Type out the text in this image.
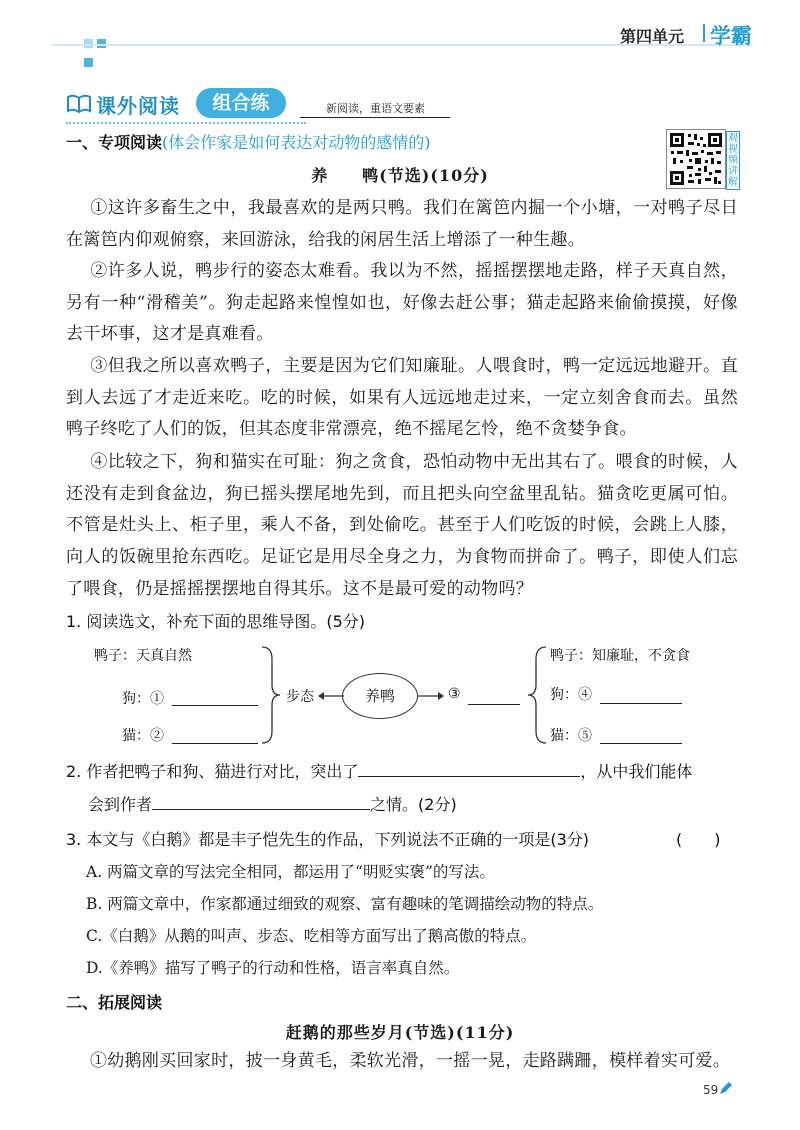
第四单元 学霸
课外阅读	组合练	新阅读，重语文要素
观视频讲解
一、专项阅读(体会作家是如何表达对动物的感情的)
养　　鸭(节选)(10分)
①这许多畜生之中，我最喜欢的是两只鸭。我们在篱笆内掘一个小塘，一对鸭子尽日在篱笆内仰观俯察，来回游泳，给我的闲居生活上增添了一种生趣。
②许多人说，鸭步行的姿态太难看。我以为不然，摇摇摆摆地走路，样子天真自然，另有一种“滑稽美”。狗走起路来惶惶如也，好像去赶公事；猫走起路来偷偷摸摸，好像去干坏事，这才是真难看。
③但我之所以喜欢鸭子，主要是因为它们知廉耻。人喂食时，鸭一定远远地避开。直到人去远了才走近来吃。吃的时候，如果有人远远地走过来，一定立刻舍食而去。虽然鸭子终吃了人们的饭，但其态度非常漂亮，绝不摇尾乞怜，绝不贪婪争食。
④比较之下，狗和猫实在可耻：狗之贪食，恐怕动物中无出其右了。喂食的时候，人还没有走到食盆边，狗已摇头摆尾地先到，而且把头向空盆里乱钻。猫贪吃更属可怕。不管是灶头上、柜子里，乘人不备，到处偷吃。甚至于人们吃饭的时候，会跳上人膝，向人的饭碗里抢东西吃。足证它是用尽全身之力，为食物而拼命了。鸭子，即使人们忘了喂食，仍是摇摇摆摆地自得其乐。这不是最可爱的动物吗？
1. 阅读选文，补充下面的思维导图。(5分)
鸭子：天真自然
狗：①
猫：②
步态	养鸭	③
鸭子：知廉耻，不贪食
狗：④
猫：⑤
2. 作者把鸭子和狗、猫进行对比，突出了	，从中我们能体
会到作者	之情。(2分)
3. 本文与《白鹅》都是丰子恺先生的作品，下列说法不正确的一项是(3分)	(　　)
A. 两篇文章的写法完全相同，都运用了“明贬实褒”的写法。
B. 两篇文章中，作家都通过细致的观察、富有趣味的笔调描绘动物的特点。
C.《白鹅》从鹅的叫声、步态、吃相等方面写出了鹅高傲的特点。
D.《养鸭》描写了鸭子的行动和性格，语言率真自然。
二、拓展阅读
赶鹅的那些岁月(节选)(11分)
①幼鹅刚买回家时，披一身黄毛，柔软光滑，一摇一晃，走路蹒跚，模样着实可爱。
59
